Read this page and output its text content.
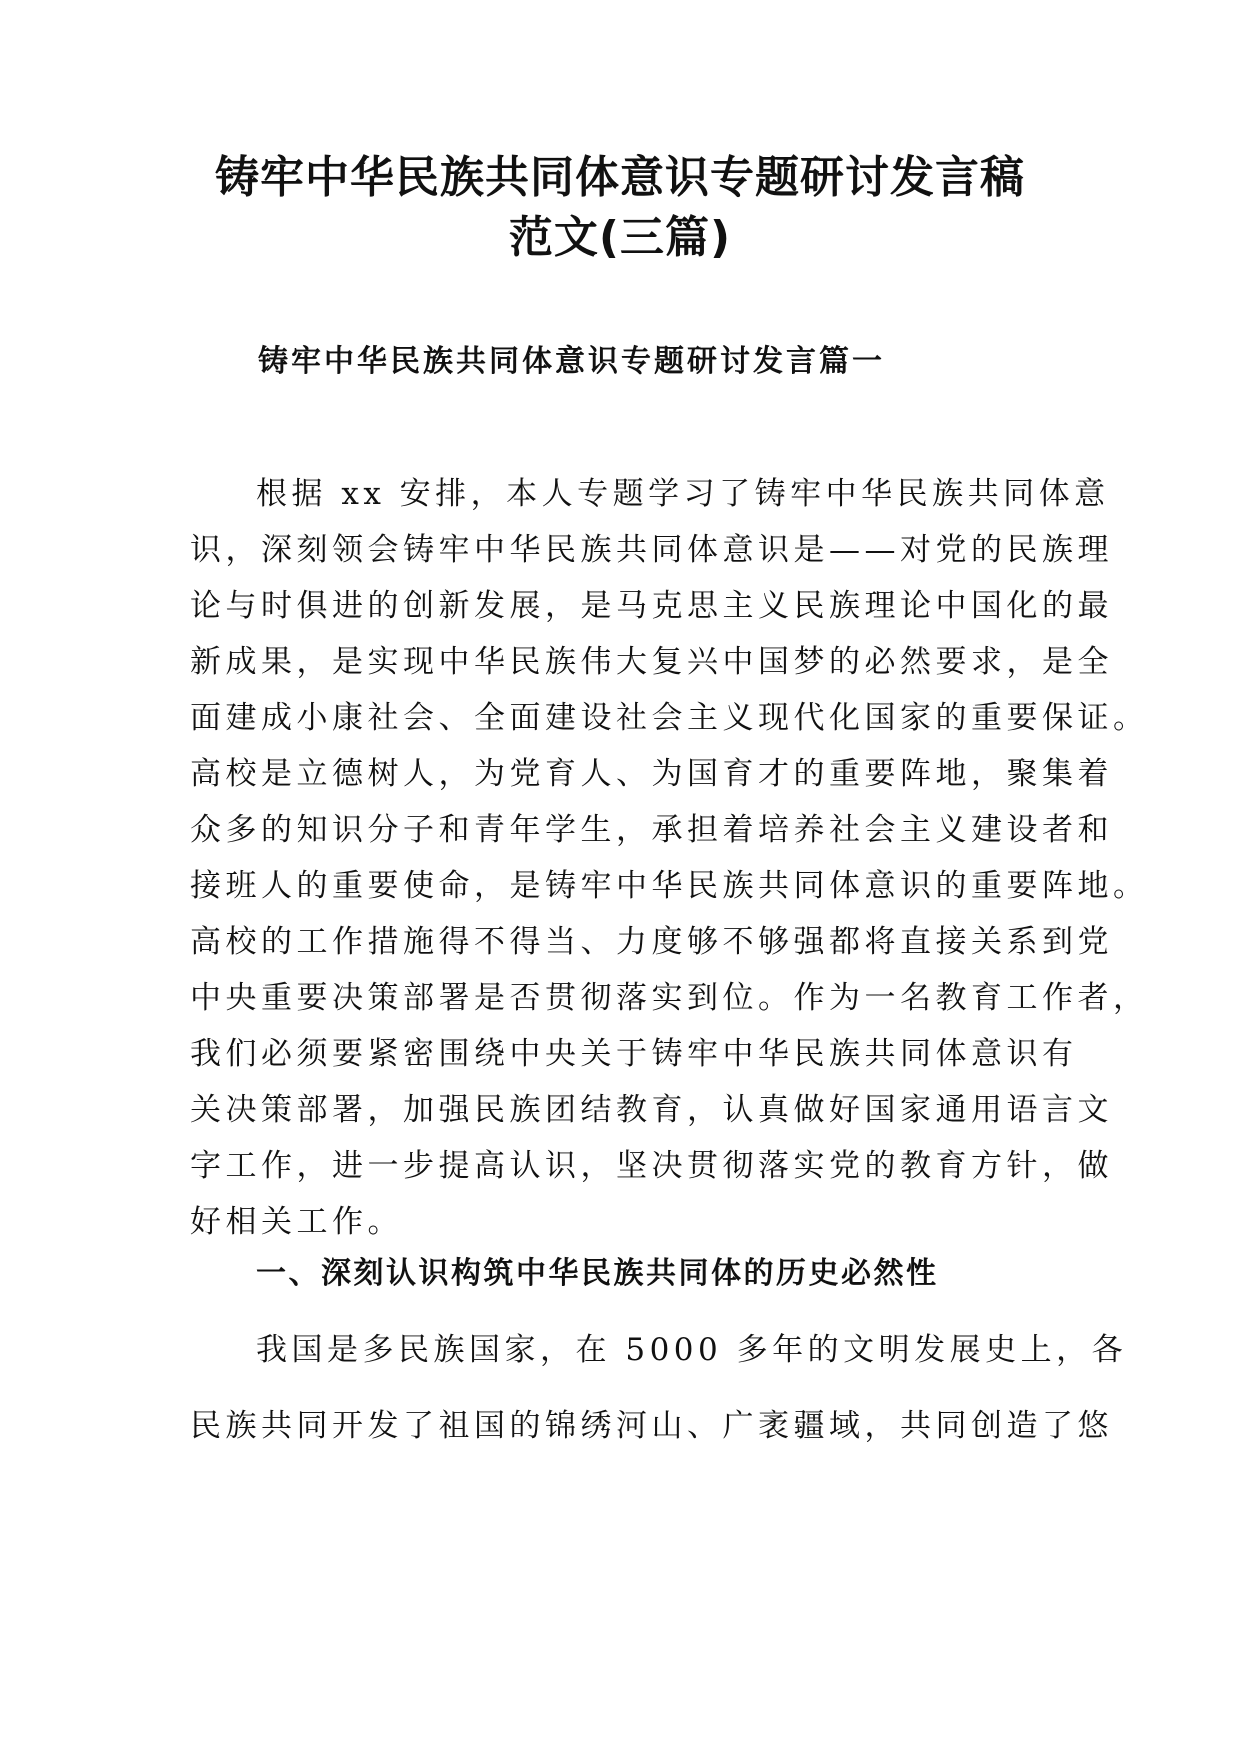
铸牢中华民族共同体意识专题研讨发言稿
范文(三篇)
铸牢中华民族共同体意识专题研讨发言篇一
根据 xx 安排，本人专题学习了铸牢中华民族共同体意
识，深刻领会铸牢中华民族共同体意识是——对党的民族理
论与时俱进的创新发展，是马克思主义民族理论中国化的最
新成果，是实现中华民族伟大复兴中国梦的必然要求，是全
面建成小康社会、全面建设社会主义现代化国家的重要保证。
高校是立德树人，为党育人、为国育才的重要阵地，聚集着
众多的知识分子和青年学生，承担着培养社会主义建设者和
接班人的重要使命，是铸牢中华民族共同体意识的重要阵地。
高校的工作措施得不得当、力度够不够强都将直接关系到党
中央重要决策部署是否贯彻落实到位。作为一名教育工作者，
我们必须要紧密围绕中央关于铸牢中华民族共同体意识有
关决策部署，加强民族团结教育，认真做好国家通用语言文
字工作，进一步提高认识，坚决贯彻落实党的教育方针，做
好相关工作。
一、深刻认识构筑中华民族共同体的历史必然性
我国是多民族国家，在 5000 多年的文明发展史上，各
民族共同开发了祖国的锦绣河山、广袤疆域，共同创造了悠
